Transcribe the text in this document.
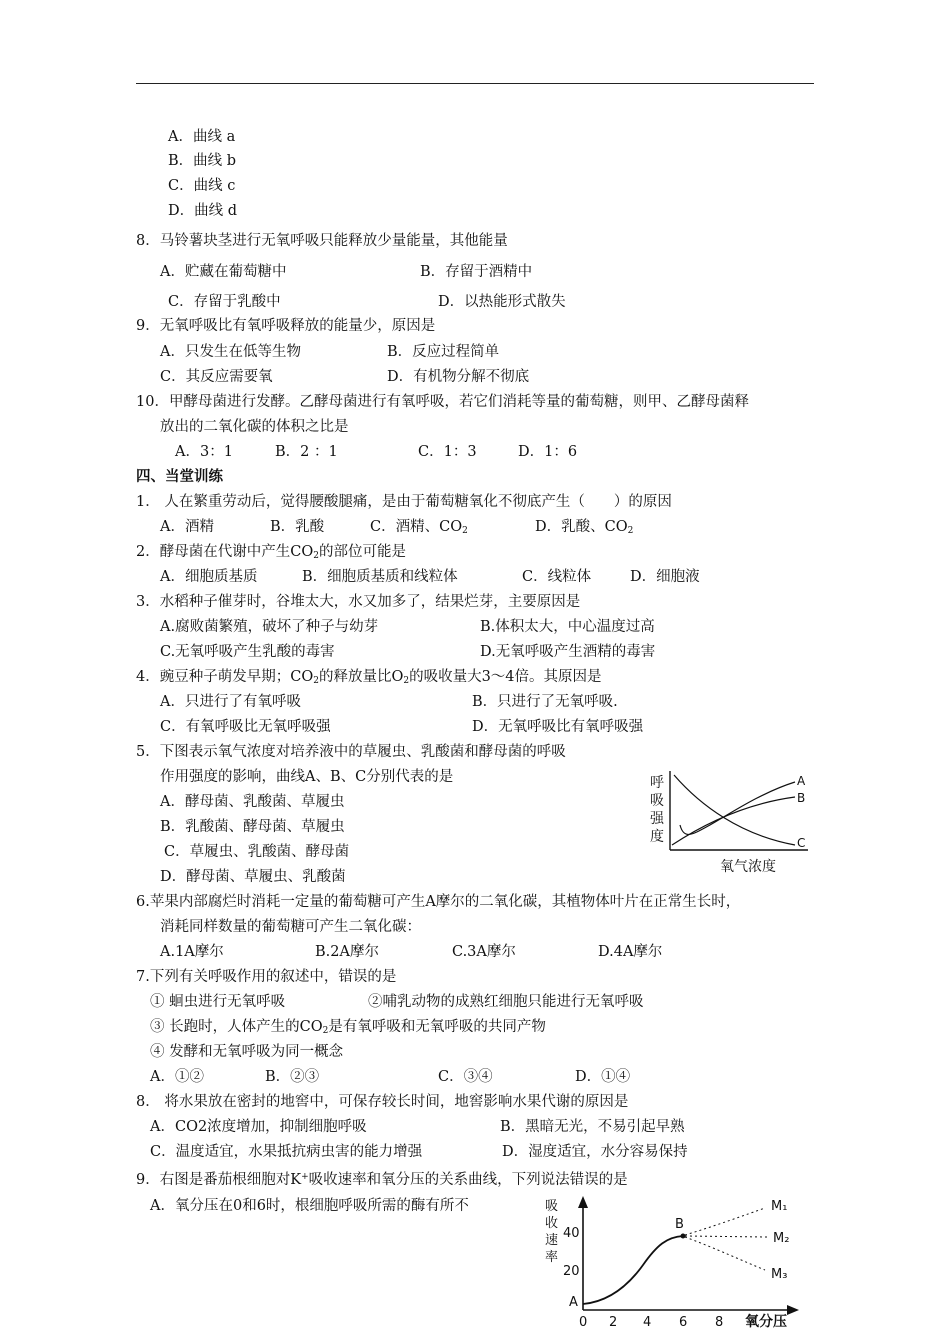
A．曲线 a
B．曲线 b
C．曲线 c
D．曲线 d
8．马铃薯块茎进行无氧呼吸只能释放少量能量，其他能量
A．贮藏在葡萄糖中	B．存留于酒精中
C．存留于乳酸中	D．以热能形式散失
9．无氧呼吸比有氧呼吸释放的能量少，原因是
A．只发生在低等生物	B．反应过程简单
C．其反应需要氧	D．有机物分解不彻底
10．甲酵母菌进行发酵。乙酵母菌进行有氧呼吸，若它们消耗等量的葡萄糖，则甲、乙酵母菌释
放出的二氧化碳的体积之比是
A．3：1	B．2 ：1	C．1：3	D．1：6
四、当堂训练
1． 人在繁重劳动后，觉得腰酸腿痛，是由于葡萄糖氧化不彻底产生（　　）的原因
A．酒精	B．乳酸	C．酒精、$CO_2$	D．乳酸、$CO_2$
2．酵母菌在代谢中产生$CO_2$的部位可能是
A．细胞质基质	B．细胞质基质和线粒体	C．线粒体	D．细胞液
3．水稻种子催芽时，谷堆太大，水又加多了，结果烂芽，主要原因是
A.腐败菌繁殖，破坏了种子与幼芽	B.体积太大，中心温度过高
C.无氧呼吸产生乳酸的毒害	D.无氧呼吸产生酒精的毒害
4．豌豆种子萌发早期；$CO_2$的释放量比$O_2$的吸收量大3～4倍。其原因是
A．只进行了有氧呼吸	B．只进行了无氧呼吸.
C．有氧呼吸比无氧呼吸强	D．无氧呼吸比有氧呼吸强
5．下图表示氧气浓度对培养液中的草履虫、乳酸菌和酵母菌的呼吸
作用强度的影响，曲线A、B、C分别代表的是
A．酵母菌、乳酸菌、草履虫
B．乳酸菌、酵母菌、草履虫
C．草履虫、乳酸菌、酵母菌
D．酵母菌、草履虫、乳酸菌
呼
吸
强
度
A
B
C
氧气浓度
6.苹果内部腐烂时消耗一定量的葡萄糖可产生A摩尔的二氧化碳，其植物体叶片在正常生长时，
消耗同样数量的葡萄糖可产生二氧化碳：
A.1A摩尔	B.2A摩尔	C.3A摩尔	D.4A摩尔
7.下列有关呼吸作用的叙述中，错误的是
① 蛔虫进行无氧呼吸	②哺乳动物的成熟红细胞只能进行无氧呼吸
③ 长跑时，人体产生的$CO_2$是有氧呼吸和无氧呼吸的共同产物
④ 发酵和无氧呼吸为同一概念
A．①②	B．②③	C．③④	D．①④
8． 将水果放在密封的地窖中，可保存较长时间，地窖影响水果代谢的原因是
A．CO2浓度增加，抑制细胞呼吸	B．黑暗无光，不易引起早熟
C．温度适宜，水果抵抗病虫害的能力增强	D．湿度适宜，水分容易保持
9．右图是番茄根细胞对K+吸收速率和氧分压的关系曲线，下列说法错误的是
A．氧分压在0和6时，根细胞呼吸所需的酶有所不	吸
收
速
率
40
20
0 2 4 6 8 氧分压
A
B
M₁
M₂
M₃
